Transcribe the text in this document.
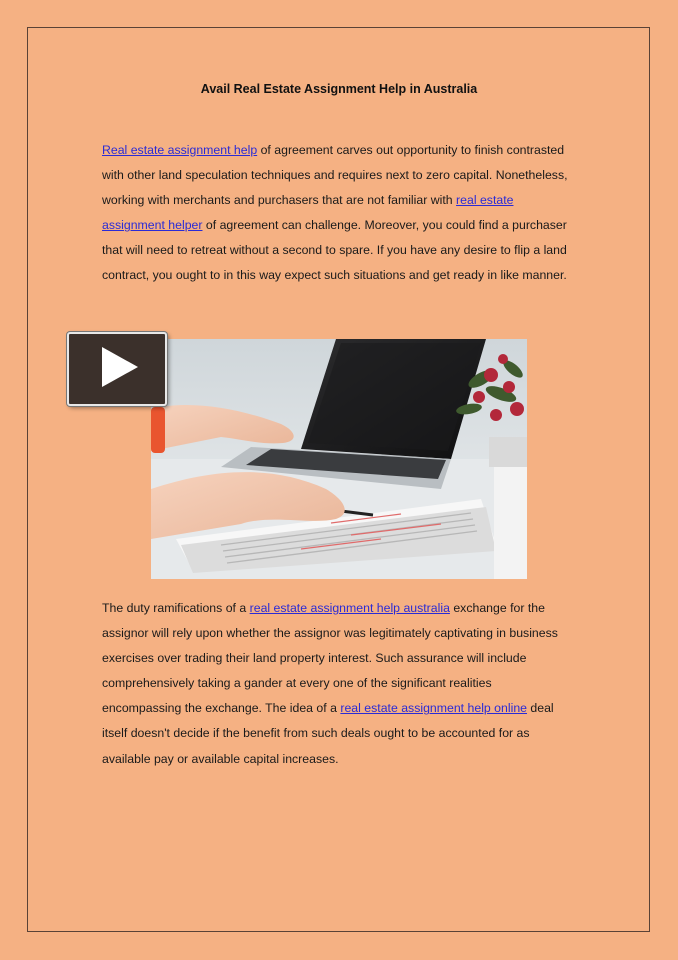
Avail Real Estate Assignment Help in Australia

Real estate assignment help of agreement carves out opportunity to finish contrasted with other land speculation techniques and requires next to zero capital. Nonetheless, working with merchants and purchasers that are not familiar with real estate assignment helper of agreement can challenge. Moreover, you could find a purchaser that will need to retreat without a second to spare. If you have any desire to flip a land contract, you ought to in this way expect such situations and get ready in like manner.

The duty ramifications of a real estate assignment help australia exchange for the assignor will rely upon whether the assignor was legitimately captivating in business exercises over trading their land property interest. Such assurance will include comprehensively taking a gander at every one of the significant realities encompassing the exchange. The idea of a real estate assignment help online deal itself doesn't decide if the benefit from such deals ought to be accounted for as available pay or available capital increases.
